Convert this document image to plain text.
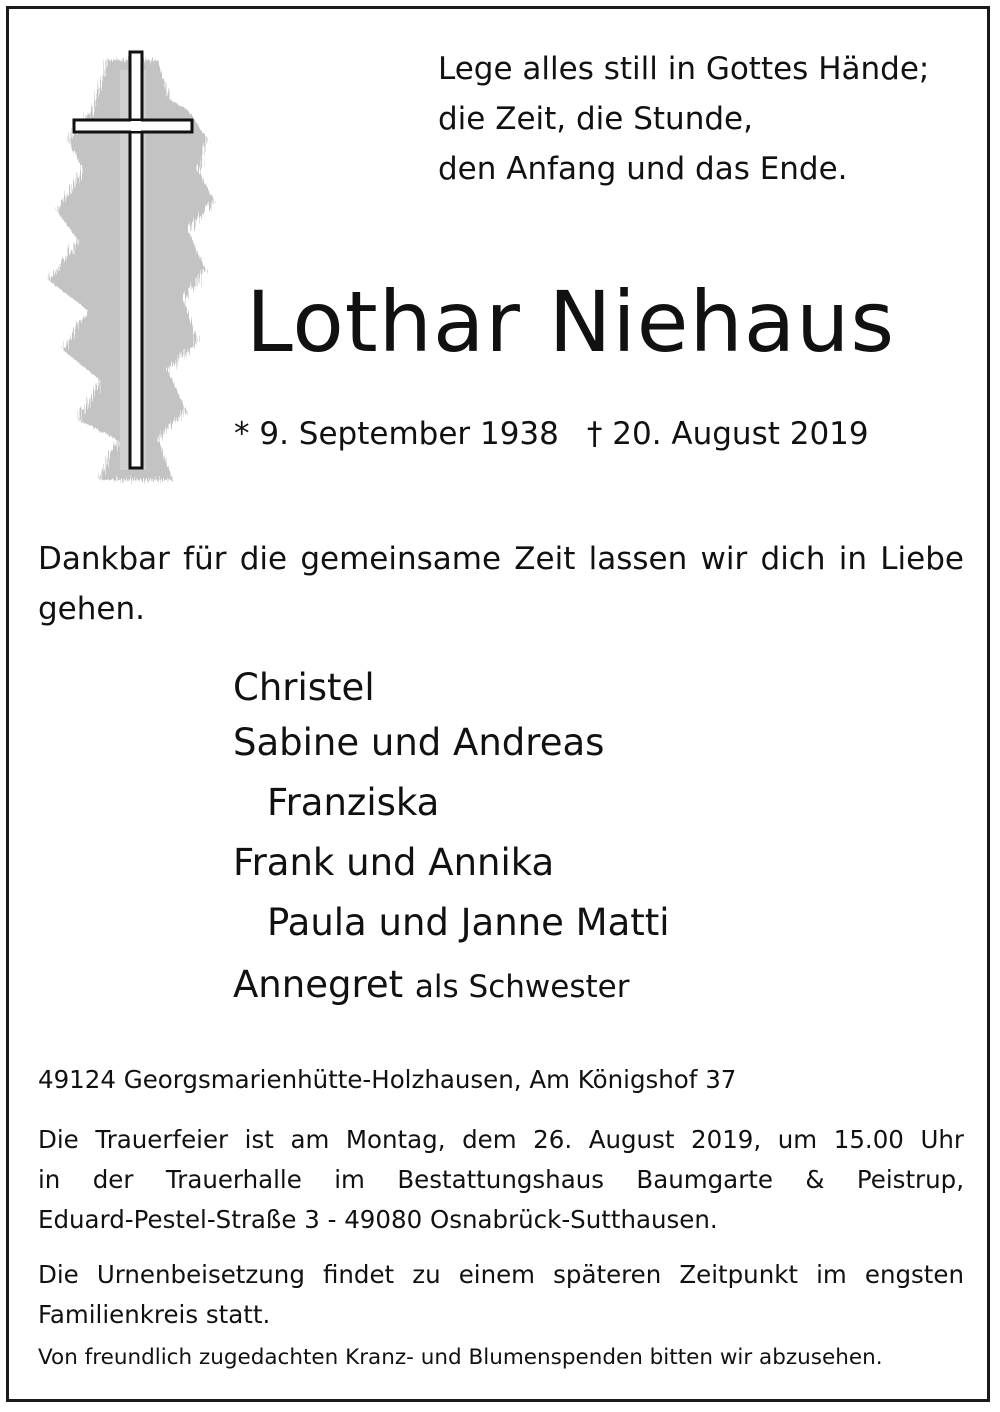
Lege alles still in Gottes Hände;
die Zeit, die Stunde,
den Anfang und das Ende.
Lothar Niehaus
* 9. September 1938 † 20. August 2019
Dankbar für die gemeinsame Zeit lassen wir dich in Liebe gehen.
Christel
Sabine und Andreas
Franziska
Frank und Annika
Paula und Janne Matti
Annegret als Schwester
49124 Georgsmarienhütte-Holzhausen, Am Königshof 37
Die Trauerfeier ist am Montag, dem 26. August 2019, um 15.00 Uhr
in der Trauerhalle im Bestattungshaus Baumgarte & Peistrup,
Eduard-Pestel-Straße 3 - 49080 Osnabrück-Sutthausen.
Die Urnenbeisetzung findet zu einem späteren Zeitpunkt im engsten
Familienkreis statt.
Von freundlich zugedachten Kranz- und Blumenspenden bitten wir abzusehen.
